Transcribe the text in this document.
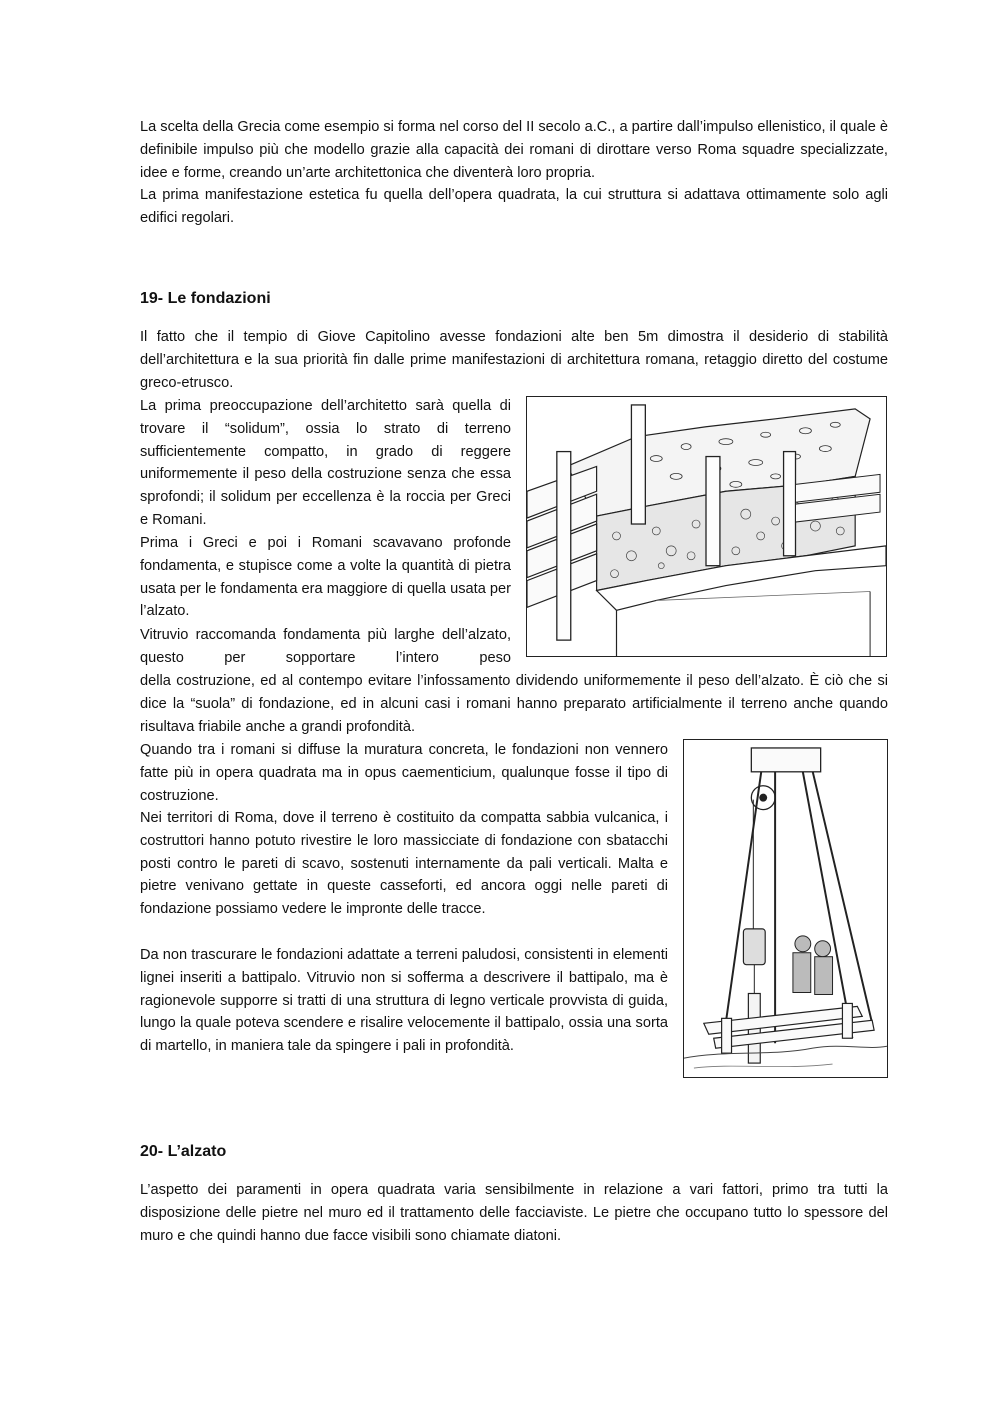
La scelta della Grecia come esempio si forma nel corso del II secolo a.C., a partire dall’impulso ellenistico, il quale è definibile impulso più che modello grazie alla capacità dei romani di dirottare verso Roma squadre specializzate, idee e forme, creando un’arte architettonica che diventerà loro propria.

La prima manifestazione estetica fu quella dell’opera quadrata, la cui struttura si adattava ottimamente solo agli edifici regolari.

19- Le fondazioni

Il fatto che il tempio di Giove Capitolino avesse fondazioni alte ben 5m dimostra il desiderio di stabilità dell’architettura e la sua priorità fin dalle prime manifestazioni di architettura romana, retaggio diretto del costume greco-etrusco.

La prima preoccupazione dell’architetto sarà quella di trovare il “solidum”, ossia lo strato di terreno sufficientemente compatto, in grado di reggere uniformemente il peso della costruzione senza che essa sprofondi; il solidum per eccellenza è la roccia per Greci e Romani.

Prima i Greci e poi i Romani scavavano profonde fondamenta, e stupisce come a volte la quantità di pietra usata per le fondamenta era maggiore di quella usata per l’alzato.

Vitruvio raccomanda fondamenta più larghe dell’alzato, questo per sopportare l’intero peso

della costruzione, ed al contempo evitare l’infossamento dividendo uniformemente il peso dell’alzato. È ciò che si dice la “suola” di fondazione, ed in alcuni casi i romani hanno preparato artificialmente il terreno anche quando risultava friabile anche a grandi profondità.

Quando tra i romani si diffuse la muratura concreta, le fondazioni non vennero fatte più in opera quadrata ma in opus caementicium, qualunque fosse il tipo di costruzione.

Nei territori di Roma, dove il terreno è costituito da compatta sabbia vulcanica, i costruttori hanno potuto rivestire le loro massicciate di fondazione con sbatacchi posti contro le pareti di scavo, sostenuti internamente da pali verticali. Malta e pietre venivano gettate in queste casseforti, ed ancora oggi nelle pareti di fondazione possiamo vedere le impronte delle tracce.

Da non trascurare le fondazioni adattate a terreni paludosi, consistenti in elementi lignei inseriti a battipalo. Vitruvio non si sofferma a descrivere il battipalo, ma è ragionevole supporre si tratti di una struttura di legno verticale provvista di guida, lungo la quale poteva scendere e risalire velocemente il battipalo, ossia una sorta di martello, in maniera tale da spingere i pali in profondità.

20- L’alzato

L’aspetto dei paramenti in opera quadrata varia sensibilmente in relazione a vari fattori, primo tra tutti la disposizione delle pietre nel muro ed il trattamento delle facciaviste. Le pietre che occupano tutto lo spessore del muro e che quindi hanno due facce visibili sono chiamate diatoni.
